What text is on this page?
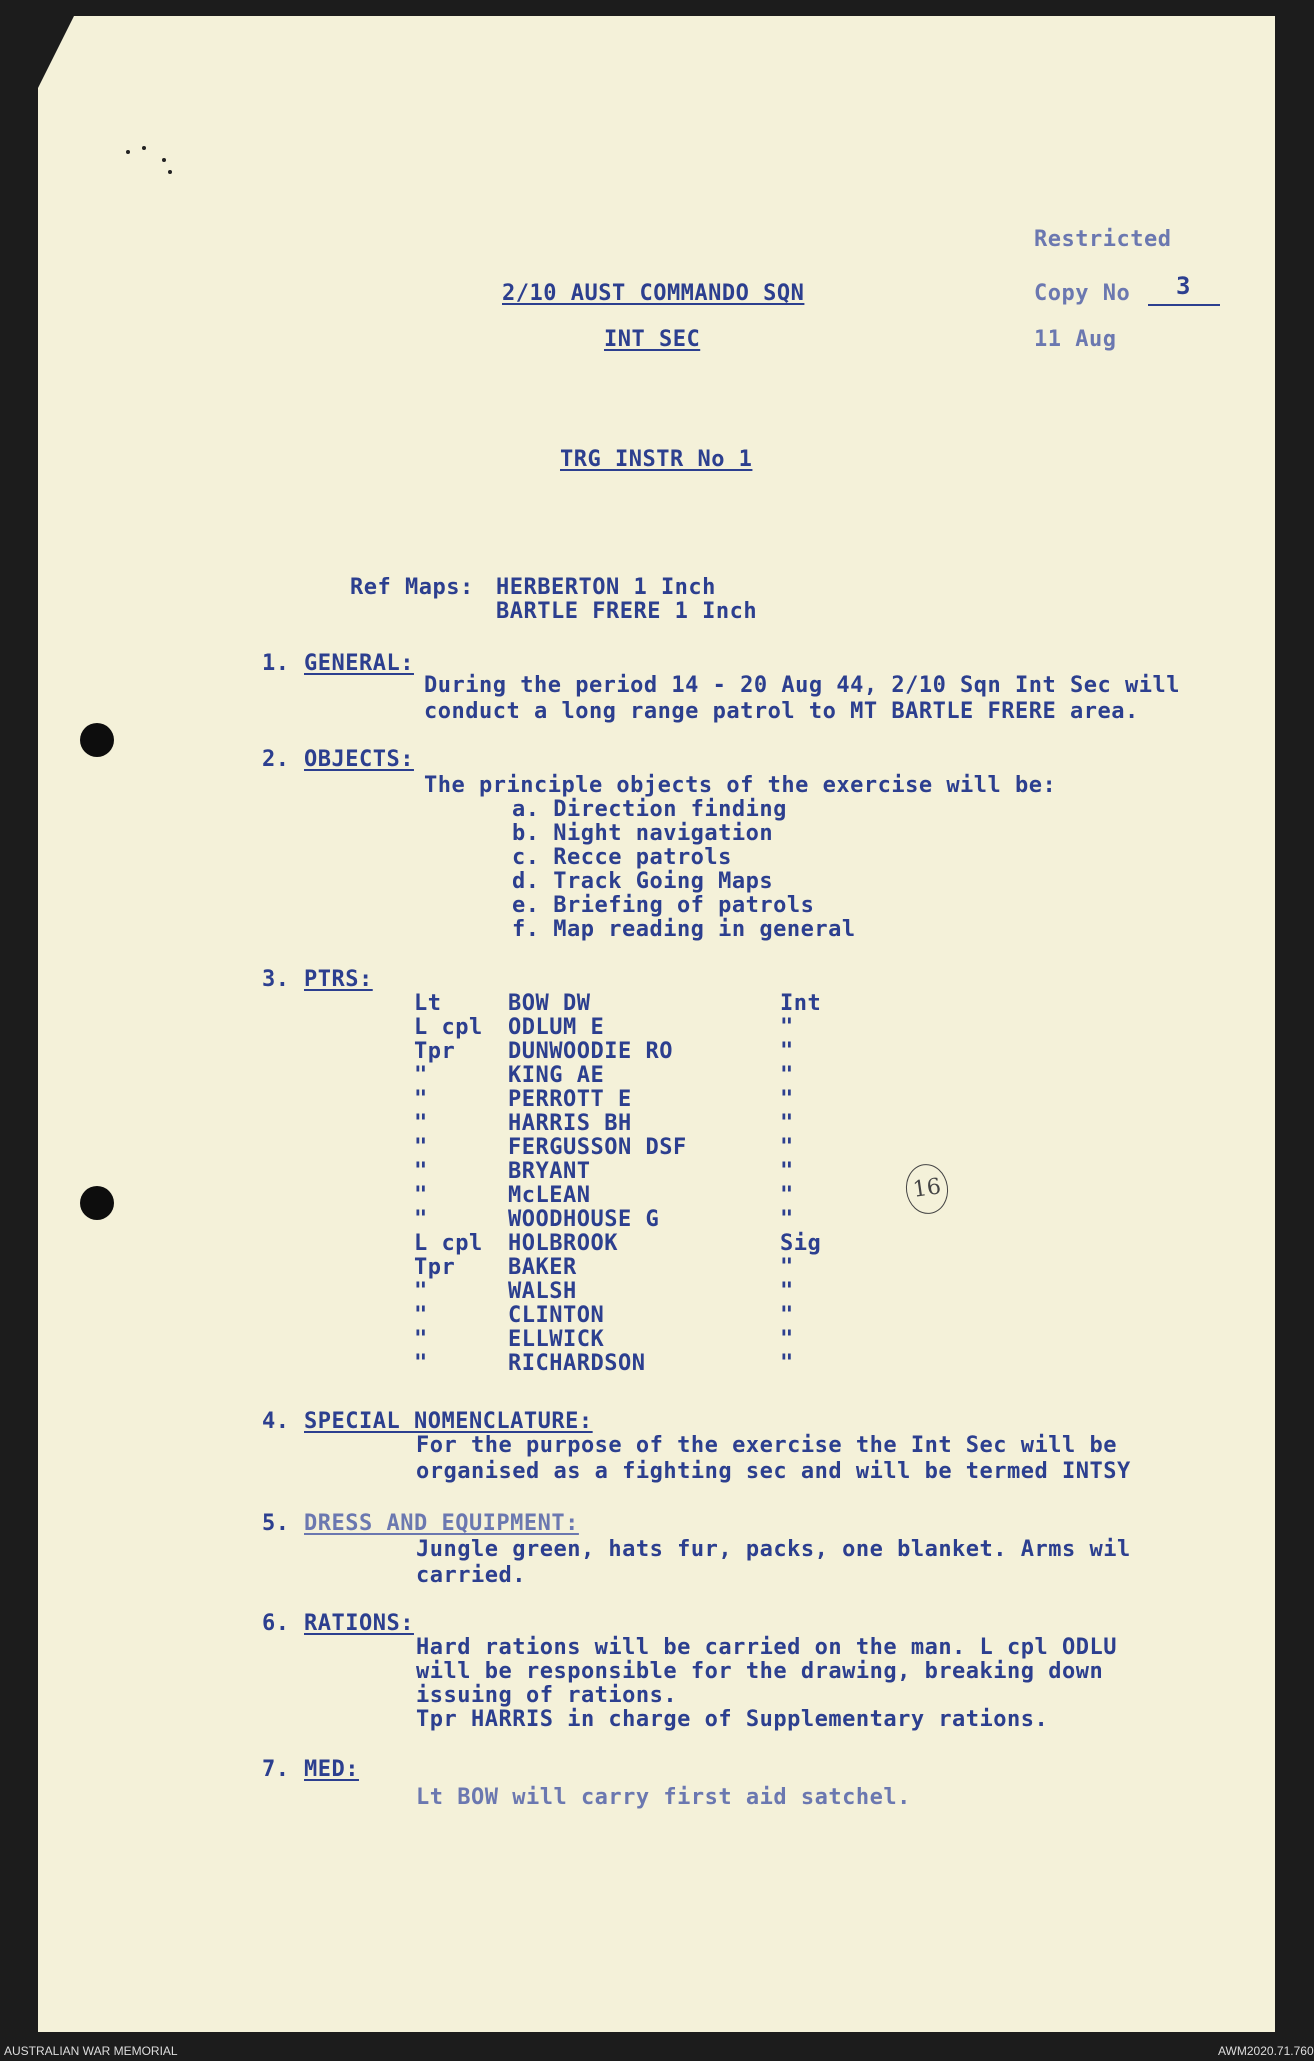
Restricted
Copy No 3
11 Aug
2/10 AUST COMMANDO SQN
INT SEC
TRG INSTR No 1
Ref Maps: HERBERTON 1 Inch
BARTLE FRERE 1 Inch
1. GENERAL:
During the period 14 - 20 Aug 44, 2/10 Sqn Int Sec will
conduct a long range patrol to MT BARTLE FRERE area.
2. OBJECTS:
The principle objects of the exercise will be:
a. Direction finding
b. Night navigation
c. Recce patrols
d. Track Going Maps
e. Briefing of patrols
f. Map reading in general
3. PTRS:
Lt	BOW DW	Int
L cpl ODLUM E	"
Tpr DUNWOODIE RO	"
"	KING AE	"
"	PERROTT E	"
"	HARRIS BH	"
"	FERGUSSON DSF	"
"	BRYANT	"
"	McLEAN	"
"	WOODHOUSE G	"
L cpl HOLBROOK	Sig
Tpr BAKER	"
"	WALSH	"
"	CLINTON	"
"	ELLWICK	"
"	RICHARDSON	"
16
4. SPECIAL NOMENCLATURE:
For the purpose of the exercise the Int Sec will be
organised as a fighting sec and will be termed INTSY
5. DRESS AND EQUIPMENT:
Jungle green, hats fur, packs, one blanket. Arms wil
carried.
6. RATIONS:
Hard rations will be carried on the man. L cpl ODLU
will be responsible for the drawing, breaking down
issuing of rations.
Tpr HARRIS in charge of Supplementary rations.
7. MED:
Lt BOW will carry first aid satchel.
AUSTRALIAN WAR MEMORIAL	AWM2020.71.760
